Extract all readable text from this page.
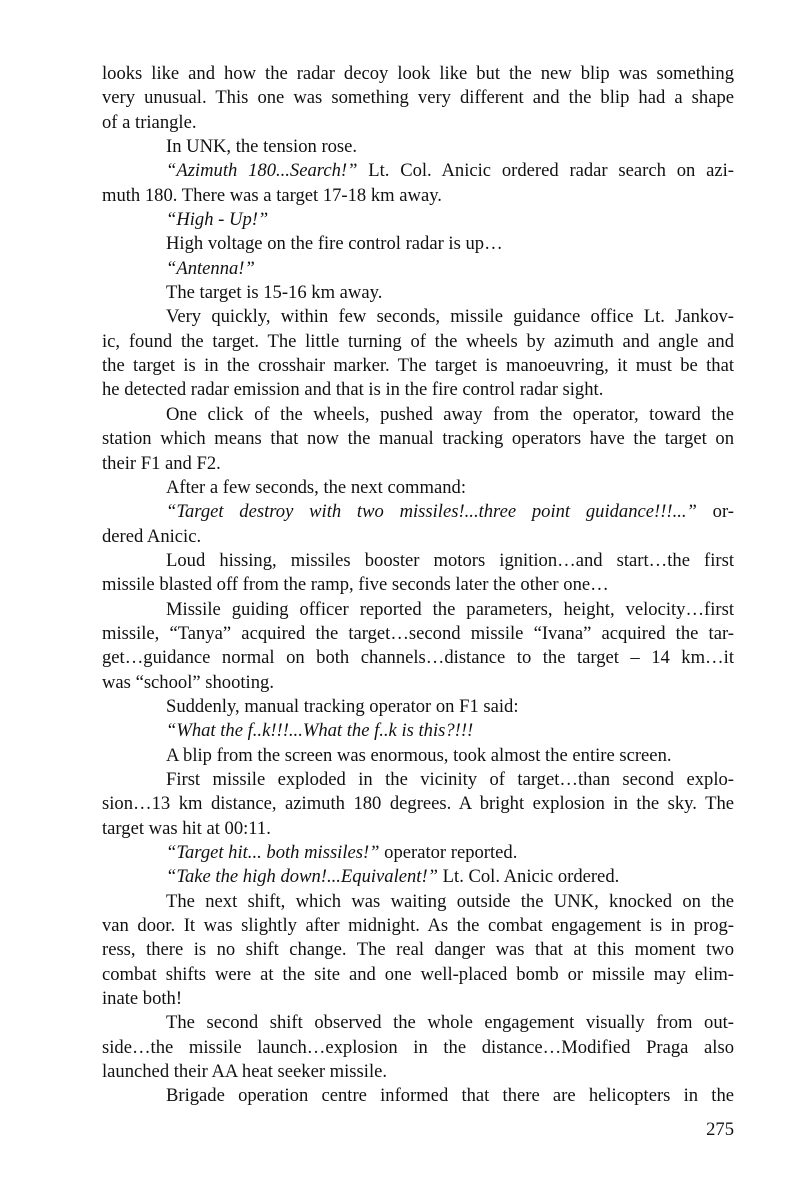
looks like and how the radar decoy look like but the new blip was something
very unusual. This one was something very different and the blip had a shape
of a triangle.
In UNK, the tension rose.
“Azimuth 180...Search!” Lt. Col. Anicic ordered radar search on azi-
muth 180. There was a target 17-18 km away.
“High - Up!”
High voltage on the fire control radar is up…
“Antenna!”
The target is 15-16 km away.
Very quickly, within few seconds, missile guidance office Lt. Jankov-
ic, found the target. The little turning of the wheels by azimuth and angle and
the target is in the crosshair marker. The target is manoeuvring, it must be that
he detected radar emission and that is in the fire control radar sight.
One click of the wheels, pushed away from the operator, toward the
station which means that now the manual tracking operators have the target on
their F1 and F2.
After a few seconds, the next command:
“Target destroy with two missiles!...three point guidance!!!...” or-
dered Anicic.
Loud hissing, missiles booster motors ignition…and start…the first
missile blasted off from the ramp, five seconds later the other one…
Missile guiding officer reported the parameters, height, velocity…first
missile, “Tanya” acquired the target…second missile “Ivana” acquired the tar-
get…guidance normal on both channels…distance to the target – 14 km…it
was “school” shooting.
Suddenly, manual tracking operator on F1 said:
“What the f..k!!!...What the f..k is this?!!!
A blip from the screen was enormous, took almost the entire screen.
First missile exploded in the vicinity of target…than second explo-
sion…13 km distance, azimuth 180 degrees. A bright explosion in the sky. The
target was hit at 00:11.
“Target hit... both missiles!” operator reported.
“Take the high down!...Equivalent!” Lt. Col. Anicic ordered.
The next shift, which was waiting outside the UNK, knocked on the
van door. It was slightly after midnight. As the combat engagement is in prog-
ress, there is no shift change. The real danger was that at this moment two
combat shifts were at the site and one well-placed bomb or missile may elim-
inate both!
The second shift observed the whole engagement visually from out-
side…the missile launch…explosion in the distance…Modified Praga also
launched their AA heat seeker missile.
Brigade operation centre informed that there are helicopters in the
275
